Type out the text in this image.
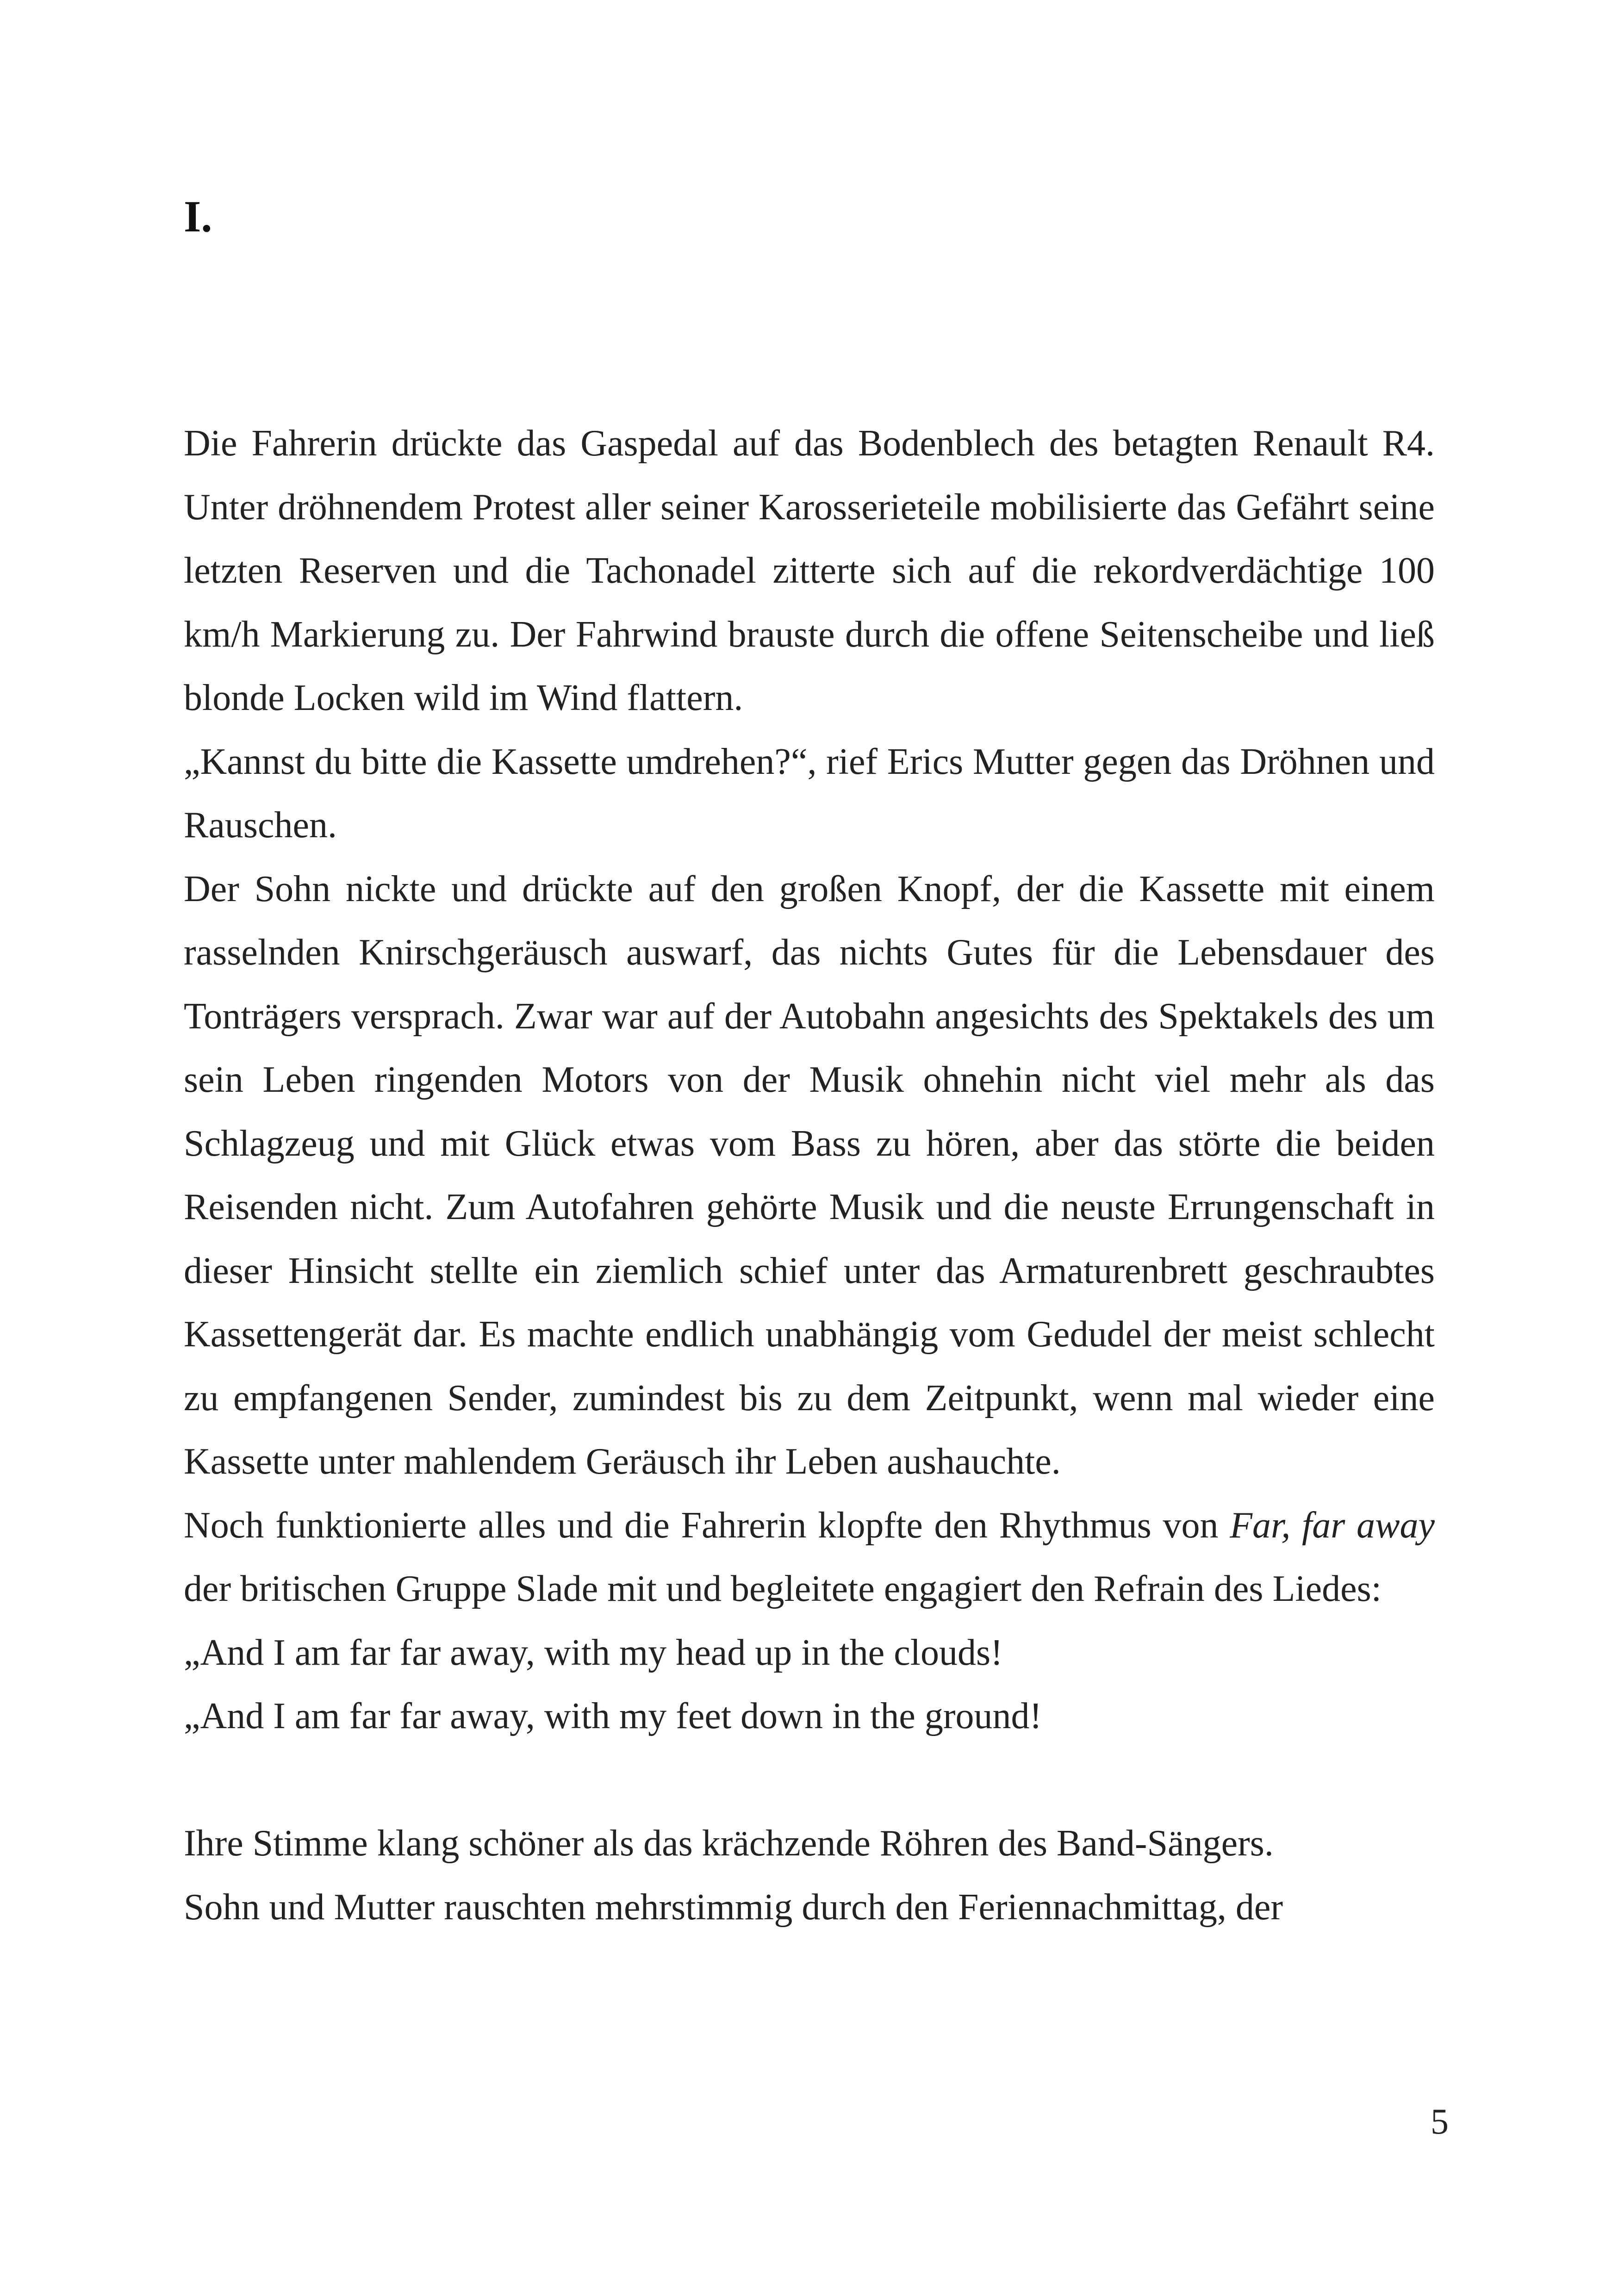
I.

Die Fahrerin drückte das Gaspedal auf das Bodenblech des betagten Renault R4. Unter dröhnendem Protest aller seiner Karosserieteile mobilisierte das Gefährt seine letzten Reserven und die Tachonadel zitterte sich auf die rekordverdächtige 100 km/h Markierung zu. Der Fahrwind brauste durch die offene Seitenscheibe und ließ blonde Locken wild im Wind flattern.

„Kannst du bitte die Kassette umdrehen?“, rief Erics Mutter gegen das Dröhnen und Rauschen.

Der Sohn nickte und drückte auf den großen Knopf, der die Kassette mit einem rasselnden Knirschgeräusch auswarf, das nichts Gutes für die Lebensdauer des Tonträgers versprach. Zwar war auf der Autobahn angesichts des Spektakels des um sein Leben ringenden Motors von der Musik ohnehin nicht viel mehr als das Schlagzeug und mit Glück etwas vom Bass zu hören, aber das störte die beiden Reisenden nicht. Zum Autofahren gehörte Musik und die neuste Errungenschaft in dieser Hinsicht stellte ein ziemlich schief unter das Armaturenbrett geschraubtes Kassettengerät dar. Es machte endlich unabhängig vom Gedudel der meist schlecht zu empfangenen Sender, zumindest bis zu dem Zeitpunkt, wenn mal wieder eine Kassette unter mahlendem Geräusch ihr Leben aushauchte.

Noch funktionierte alles und die Fahrerin klopfte den Rhythmus von Far, far away der britischen Gruppe Slade mit und begleitete engagiert den Refrain des Liedes:

„And I am far far away, with my head up in the clouds!

„And I am far far away, with my feet down in the ground!

Ihre Stimme klang schöner als das krächzende Röhren des Band-Sängers.

Sohn und Mutter rauschten mehrstimmig durch den Feriennachmittag, der

5
